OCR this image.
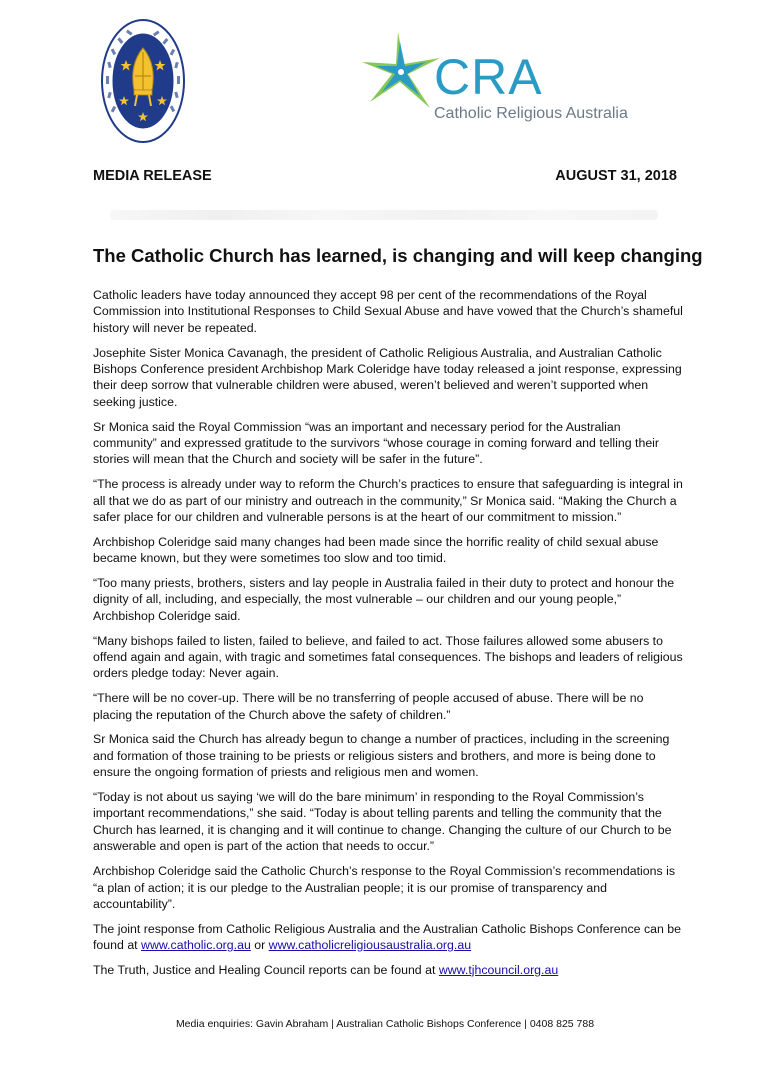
CRA
Catholic Religious Australia
MEDIA RELEASE	AUGUST 31, 2018
The Catholic Church has learned, is changing and will keep changing

Catholic leaders have today announced they accept 98 per cent of the recommendations of the Royal Commission into Institutional Responses to Child Sexual Abuse and have vowed that the Church’s shameful history will never be repeated.

Josephite Sister Monica Cavanagh, the president of Catholic Religious Australia, and Australian Catholic Bishops Conference president Archbishop Mark Coleridge have today released a joint response, expressing their deep sorrow that vulnerable children were abused, weren’t believed and weren’t supported when seeking justice.

Sr Monica said the Royal Commission “was an important and necessary period for the Australian community” and expressed gratitude to the survivors “whose courage in coming forward and telling their stories will mean that the Church and society will be safer in the future”.

“The process is already under way to reform the Church’s practices to ensure that safeguarding is integral in all that we do as part of our ministry and outreach in the community,” Sr Monica said. “Making the Church a safer place for our children and vulnerable persons is at the heart of our commitment to mission.”

Archbishop Coleridge said many changes had been made since the horrific reality of child sexual abuse became known, but they were sometimes too slow and too timid.

“Too many priests, brothers, sisters and lay people in Australia failed in their duty to protect and honour the dignity of all, including, and especially, the most vulnerable – our children and our young people,” Archbishop Coleridge said.

“Many bishops failed to listen, failed to believe, and failed to act. Those failures allowed some abusers to offend again and again, with tragic and sometimes fatal consequences. The bishops and leaders of religious orders pledge today: Never again.

“There will be no cover-up. There will be no transferring of people accused of abuse. There will be no placing the reputation of the Church above the safety of children.”

Sr Monica said the Church has already begun to change a number of practices, including in the screening and formation of those training to be priests or religious sisters and brothers, and more is being done to ensure the ongoing formation of priests and religious men and women.

“Today is not about us saying ‘we will do the bare minimum’ in responding to the Royal Commission’s important recommendations,” she said. “Today is about telling parents and telling the community that the Church has learned, it is changing and it will continue to change. Changing the culture of our Church to be answerable and open is part of the action that needs to occur.”

Archbishop Coleridge said the Catholic Church’s response to the Royal Commission’s recommendations is “a plan of action; it is our pledge to the Australian people; it is our promise of transparency and accountability”.

The joint response from Catholic Religious Australia and the Australian Catholic Bishops Conference can be found at www.catholic.org.au or www.catholicreligiousaustralia.org.au

The Truth, Justice and Healing Council reports can be found at www.tjhcouncil.org.au

Media enquiries: Gavin Abraham | Australian Catholic Bishops Conference | 0408 825 788
